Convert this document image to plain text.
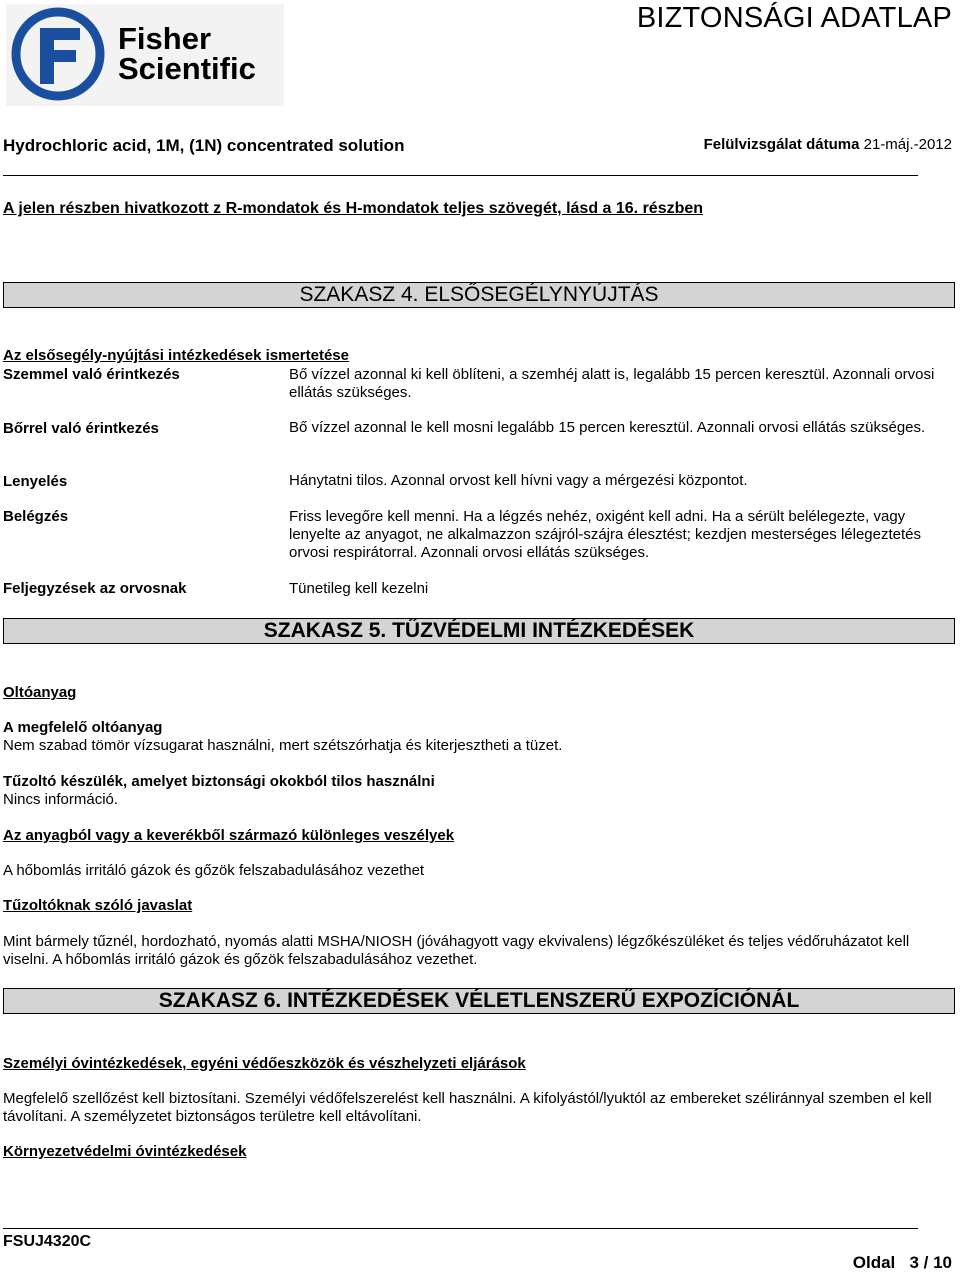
Fisher
Scientific
BIZTONSÁGI ADATLAP
Hydrochloric acid, 1M, (1N) concentrated solution	Felülvizsgálat dátuma 21-máj.-2012
A jelen részben hivatkozott z R-mondatok és H-mondatok teljes szövegét, lásd a 16. részben
SZAKASZ 4. ELSŐSEGÉLYNYÚJTÁS
Az elsősegély-nyújtási intézkedések ismertetése
Szemmel való érintkezés	Bő vízzel azonnal ki kell öblíteni, a szemhéj alatt is, legalább 15 percen keresztül. Azonnali orvosi ellátás szükséges.
Bőrrel való érintkezés	Bő vízzel azonnal le kell mosni legalább 15 percen keresztül. Azonnali orvosi ellátás szükséges.
Lenyelés	Hánytatni tilos. Azonnal orvost kell hívni vagy a mérgezési központot.
Belégzés	Friss levegőre kell menni. Ha a légzés nehéz, oxigént kell adni. Ha a sérült belélegezte, vagy lenyelte az anyagot, ne alkalmazzon szájról-szájra élesztést; kezdjen mesterséges lélegeztetés orvosi respirátorral. Azonnali orvosi ellátás szükséges.
Feljegyzések az orvosnak	Tünetileg kell kezelni
SZAKASZ 5. TŰZVÉDELMI INTÉZKEDÉSEK
Oltóanyag
A megfelelő oltóanyag
Nem szabad tömör vízsugarat használni, mert szétszórhatja és kiterjesztheti a tüzet.
Tűzoltó készülék, amelyet biztonsági okokból tilos használni
Nincs információ.
Az anyagból vagy a keverékből származó különleges veszélyek
A hőbomlás irritáló gázok és gőzök felszabadulásához vezethet
Tűzoltóknak szóló javaslat
Mint bármely tűznél, hordozható, nyomás alatti MSHA/NIOSH (jóváhagyott vagy ekvivalens) légzőkészüléket és teljes védőruházatot kell viselni. A hőbomlás irritáló gázok és gőzök felszabadulásához vezethet.
SZAKASZ 6. INTÉZKEDÉSEK VÉLETLENSZERŰ EXPOZÍCIÓNÁL
Személyi óvintézkedések, egyéni védőeszközök és vészhelyzeti eljárások
Megfelelő szellőzést kell biztosítani. Személyi védőfelszerelést kell használni. A kifolyástól/lyuktól az embereket széliránnyal szemben el kell távolítani. A személyzetet biztonságos területre kell eltávolítani.
Környezetvédelmi óvintézkedések
FSUJ4320C
Oldal 3 / 10
